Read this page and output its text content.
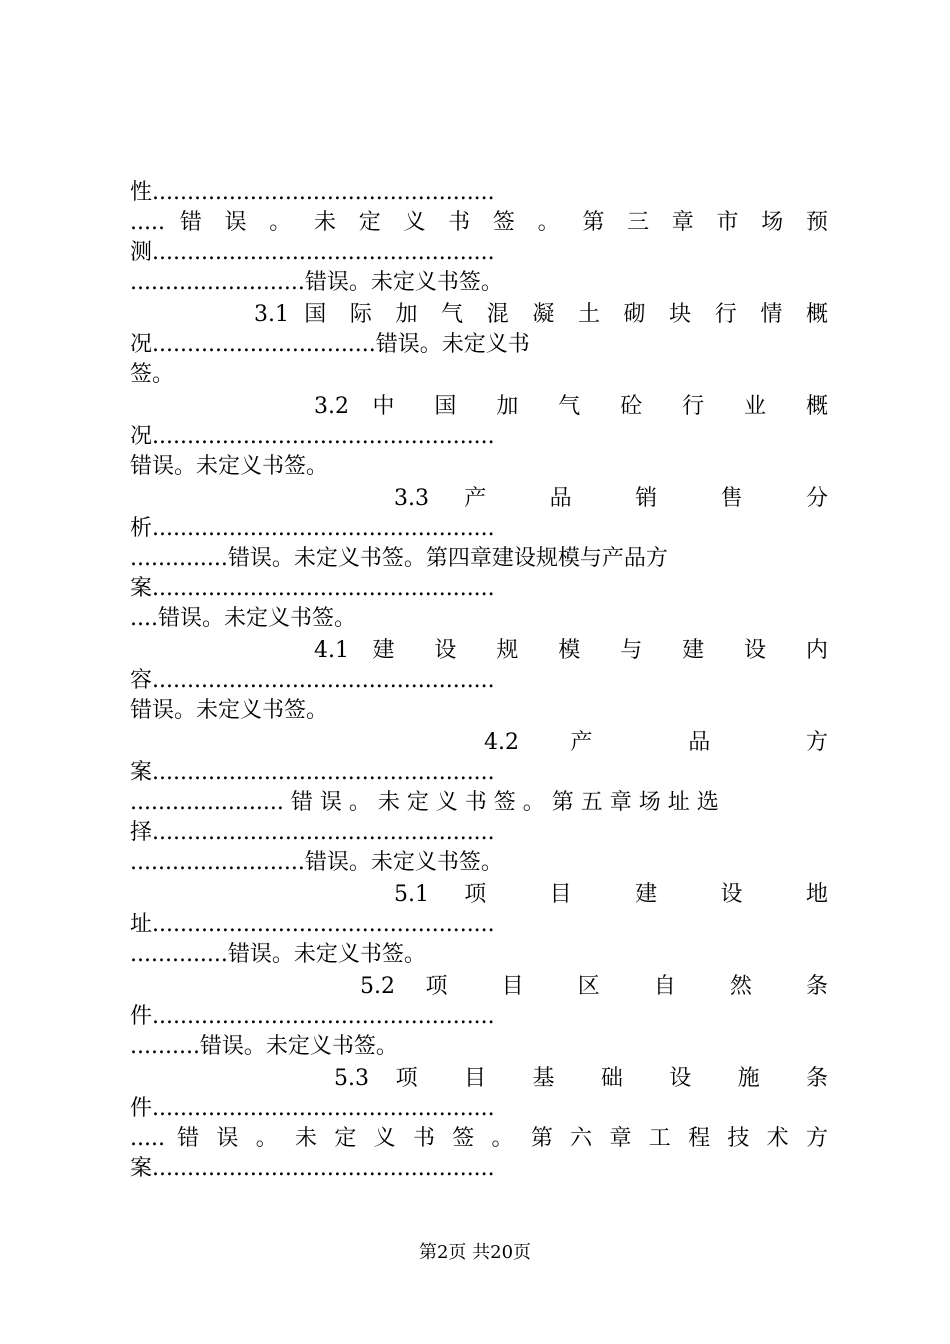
性.................................................
..... 错 误 。 未 定 义 书 签 。 第 三 章 市 场 预
测.................................................
.........................错误。未定义书签。
3.1 国 际 加 气 混 凝 土 砌 块 行 情 概
况................................错误。未定义书
签。
3.2 中 国 加 气 砼 行 业 概
况.................................................
错误。未定义书签。
3.3 产 品 销 售 分
析.................................................
..............错误。未定义书签。第四章建设规模与产品方
案.................................................
....错误。未定义书签。
4.1 建 设 规 模 与 建 设 内
容.................................................
错误。未定义书签。
4.2 产 品 方
案.................................................
...................... 错 误 。 未 定 义 书 签 。 第 五 章 场 址 选
择.................................................
.........................错误。未定义书签。
5.1 项 目 建 设 地
址.................................................
..............错误。未定义书签。
5.2 项 目 区 自 然 条
件.................................................
..........错误。未定义书签。
5.3 项 目 基 础 设 施 条
件.................................................
..... 错 误 。 未 定 义 书 签 。 第 六 章 工 程 技 术 方
案.................................................
第2页 共20页
